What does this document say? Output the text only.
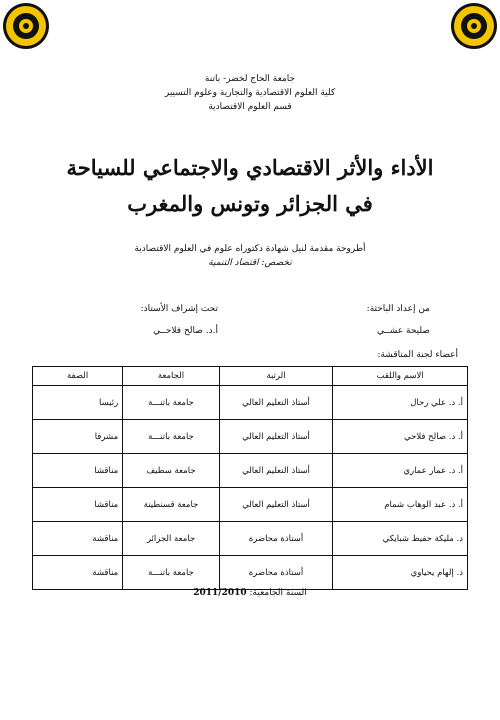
جامعة الحاج لخضر- باتنة
كلية العلوم الاقتصادية والتجارية وعلوم التسيير
قسم العلوم الاقتصادية
الأداء والأثر الاقتصادي والاجتماعي للسياحة
في الجزائر وتونس والمغرب
أطروحة مقدمة لنيل شهادة دكتوراه علوم في العلوم الاقتصادية
تخصص: اقتصاد التنمية
من إعداد الباحثة:
صليحة عشــي
تحت إشراف الأستاذ:
أ.د. صالح فلاحــي
أعضاء لجنة المناقشة:
الاسم واللقب	الرتبة	الجامعة	الصفة
أ. د. علي رحال	أستاذ التعليم العالي	جامعة باتنـــة	رئيسا
أ. د. صالح فلاحي	أستاذ التعليم العالي	جامعة باتنـــة	مشرفا
أ. د. عمار عماري	أستاذ التعليم العالي	جامعة سطيف	مناقشا
أ. د. عبد الوهاب شمام	أستاذ التعليم العالي	جامعة قسنطينة	مناقشا
د. مليكة حفيظ شبايكي	أستاذة محاضرة	جامعة الجزائر	مناقشة
د. إلهام يحياوي	أستاذة محاضرة	جامعة باتنـــة	مناقشة
السنة الجامعية: 2011/2010
